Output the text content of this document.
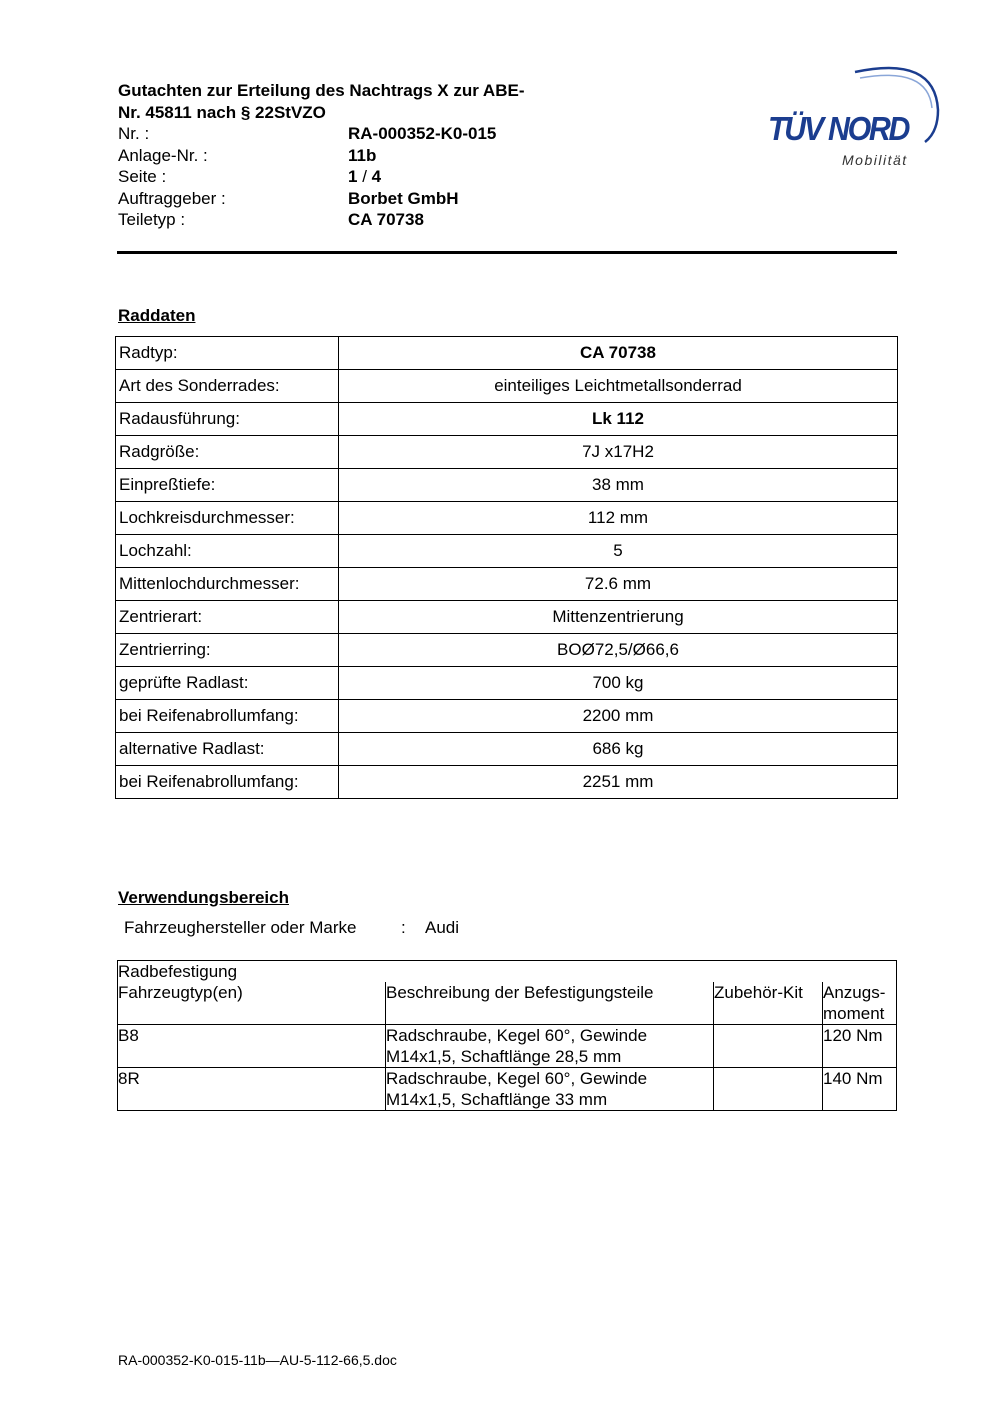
Gutachten zur Erteilung des Nachtrags X zur ABE-
Nr. 45811 nach § 22StVZO
Nr. :	RA-000352-K0-015
Anlage-Nr. :	11b
Seite :	1 / 4
Auftraggeber :	Borbet GmbH
Teiletyp :	CA 70738
TÜV NORD
Mobilität
Raddaten
Radtyp:	CA 70738
Art des Sonderrades:	einteiliges Leichtmetallsonderrad
Radausführung:	Lk 112
Radgröße:	7J x17H2
Einpreßtiefe:	38 mm
Lochkreisdurchmesser:	112 mm
Lochzahl:	5
Mittenlochdurchmesser:	72.6 mm
Zentrierart:	Mittenzentrierung
Zentrierring:	BOØ72,5/Ø66,6
geprüfte Radlast:	700 kg
bei Reifenabrollumfang:	2200 mm
alternative Radlast:	686 kg
bei Reifenabrollumfang:	2251 mm
Verwendungsbereich
Fahrzeughersteller oder Marke	:	Audi
Radbefestigung			
Fahrzeugtyp(en)	Beschreibung der Befestigungsteile	Zubehör-Kit	Anzugs-moment
B8	Radschraube, Kegel 60°, Gewinde M14x1,5, Schaftlänge 28,5 mm		120 Nm
8R	Radschraube, Kegel 60°, Gewinde M14x1,5, Schaftlänge 33 mm		140 Nm
RA-000352-K0-015-11b—AU-5-112-66,5.doc
